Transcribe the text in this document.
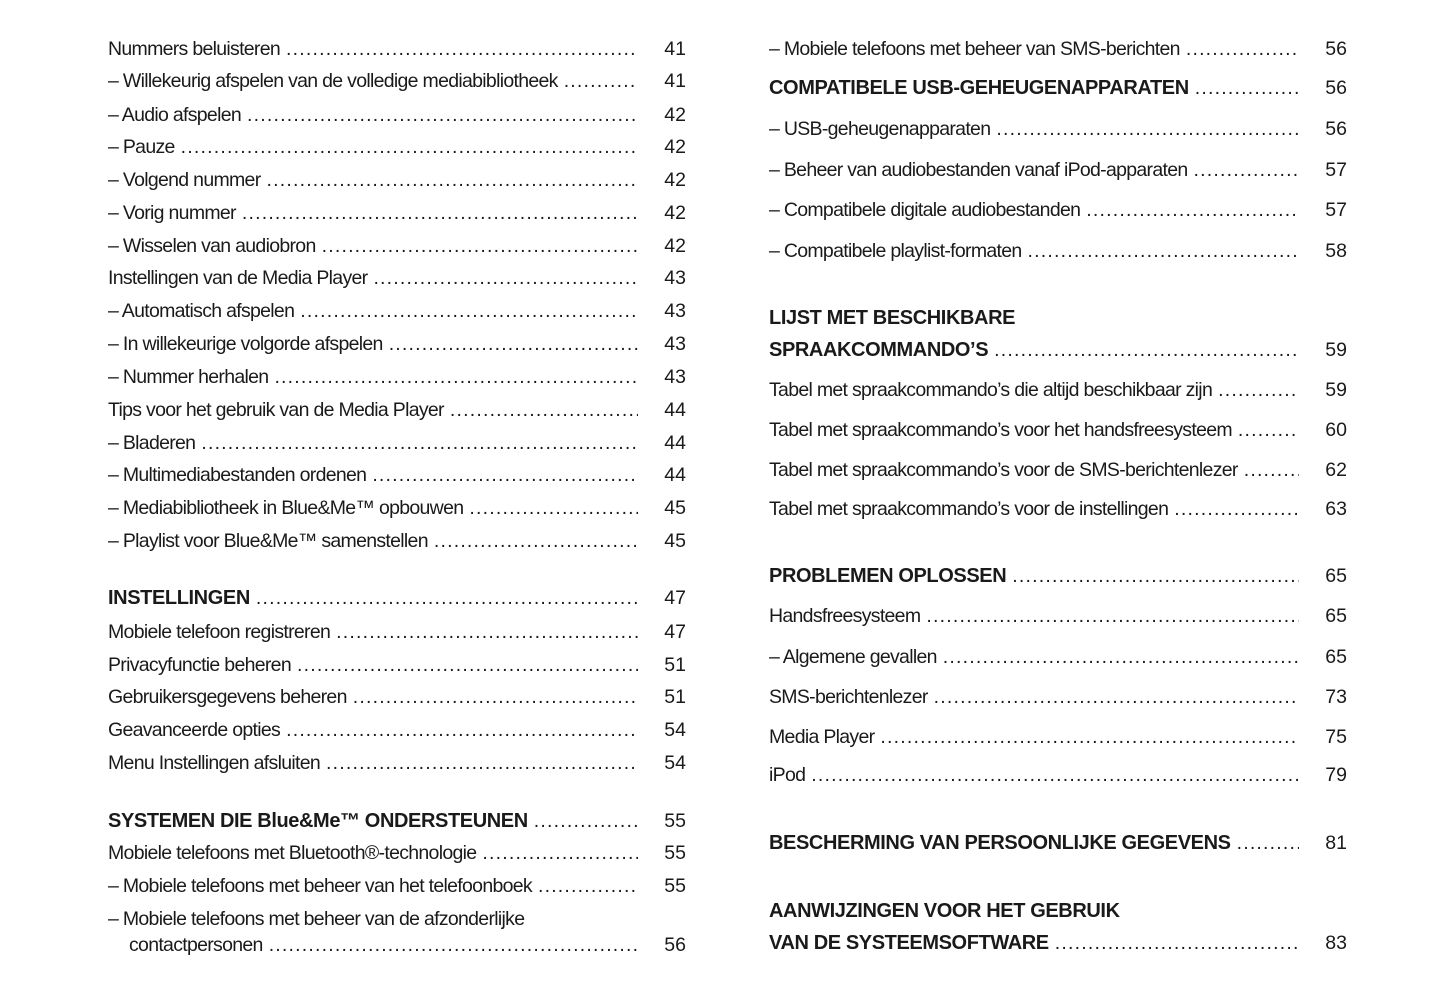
Nummers beluisteren .....	41
– Willekeurig afspelen van de volledige mediabibliotheek .....	41
– Audio afspelen .....	42
– Pauze .....	42
– Volgend nummer .....	42
– Vorig nummer .....	42
– Wisselen van audiobron .....	42
Instellingen van de Media Player .....	43
– Automatisch afspelen .....	43
– In willekeurige volgorde afspelen .....	43
– Nummer herhalen .....	43
Tips voor het gebruik van de Media Player .....	44
– Bladeren .....	44
– Multimediabestanden ordenen .....	44
– Mediabibliotheek in Blue&Me™ opbouwen .....	45
– Playlist voor Blue&Me™ samenstellen .....	45
INSTELLINGEN .....	47
Mobiele telefoon registreren .....	47
Privacyfunctie beheren .....	51
Gebruikersgegevens beheren .....	51
Geavanceerde opties .....	54
Menu Instellingen afsluiten .....	54
SYSTEMEN DIE Blue&Me™ ONDERSTEUNEN .....	55
Mobiele telefoons met Bluetooth®-technologie .....	55
– Mobiele telefoons met beheer van het telefoonboek .....	55
– Mobiele telefoons met beheer van de afzonderlijke
contactpersonen .....	56
– Mobiele telefoons met beheer van SMS-berichten .....	56
COMPATIBELE USB-GEHEUGENAPPARATEN .....	56
– USB-geheugenapparaten .....	56
– Beheer van audiobestanden vanaf iPod-apparaten .....	57
– Compatibele digitale audiobestanden .....	57
– Compatibele playlist-formaten .....	58
LIJST MET BESCHIKBARE
SPRAAKCOMMANDO’S .....	59
Tabel met spraakcommando’s die altijd beschikbaar zijn .....	59
Tabel met spraakcommando’s voor het handsfreesysteem .....	60
Tabel met spraakcommando’s voor de SMS-berichtenlezer .....	62
Tabel met spraakcommando’s voor de instellingen .....	63
PROBLEMEN OPLOSSEN .....	65
Handsfreesysteem .....	65
– Algemene gevallen .....	65
SMS-berichtenlezer .....	73
Media Player .....	75
iPod .....	79
BESCHERMING VAN PERSOONLIJKE GEGEVENS .....	81
AANWIJZINGEN VOOR HET GEBRUIK
VAN DE SYSTEEMSOFTWARE .....	83
